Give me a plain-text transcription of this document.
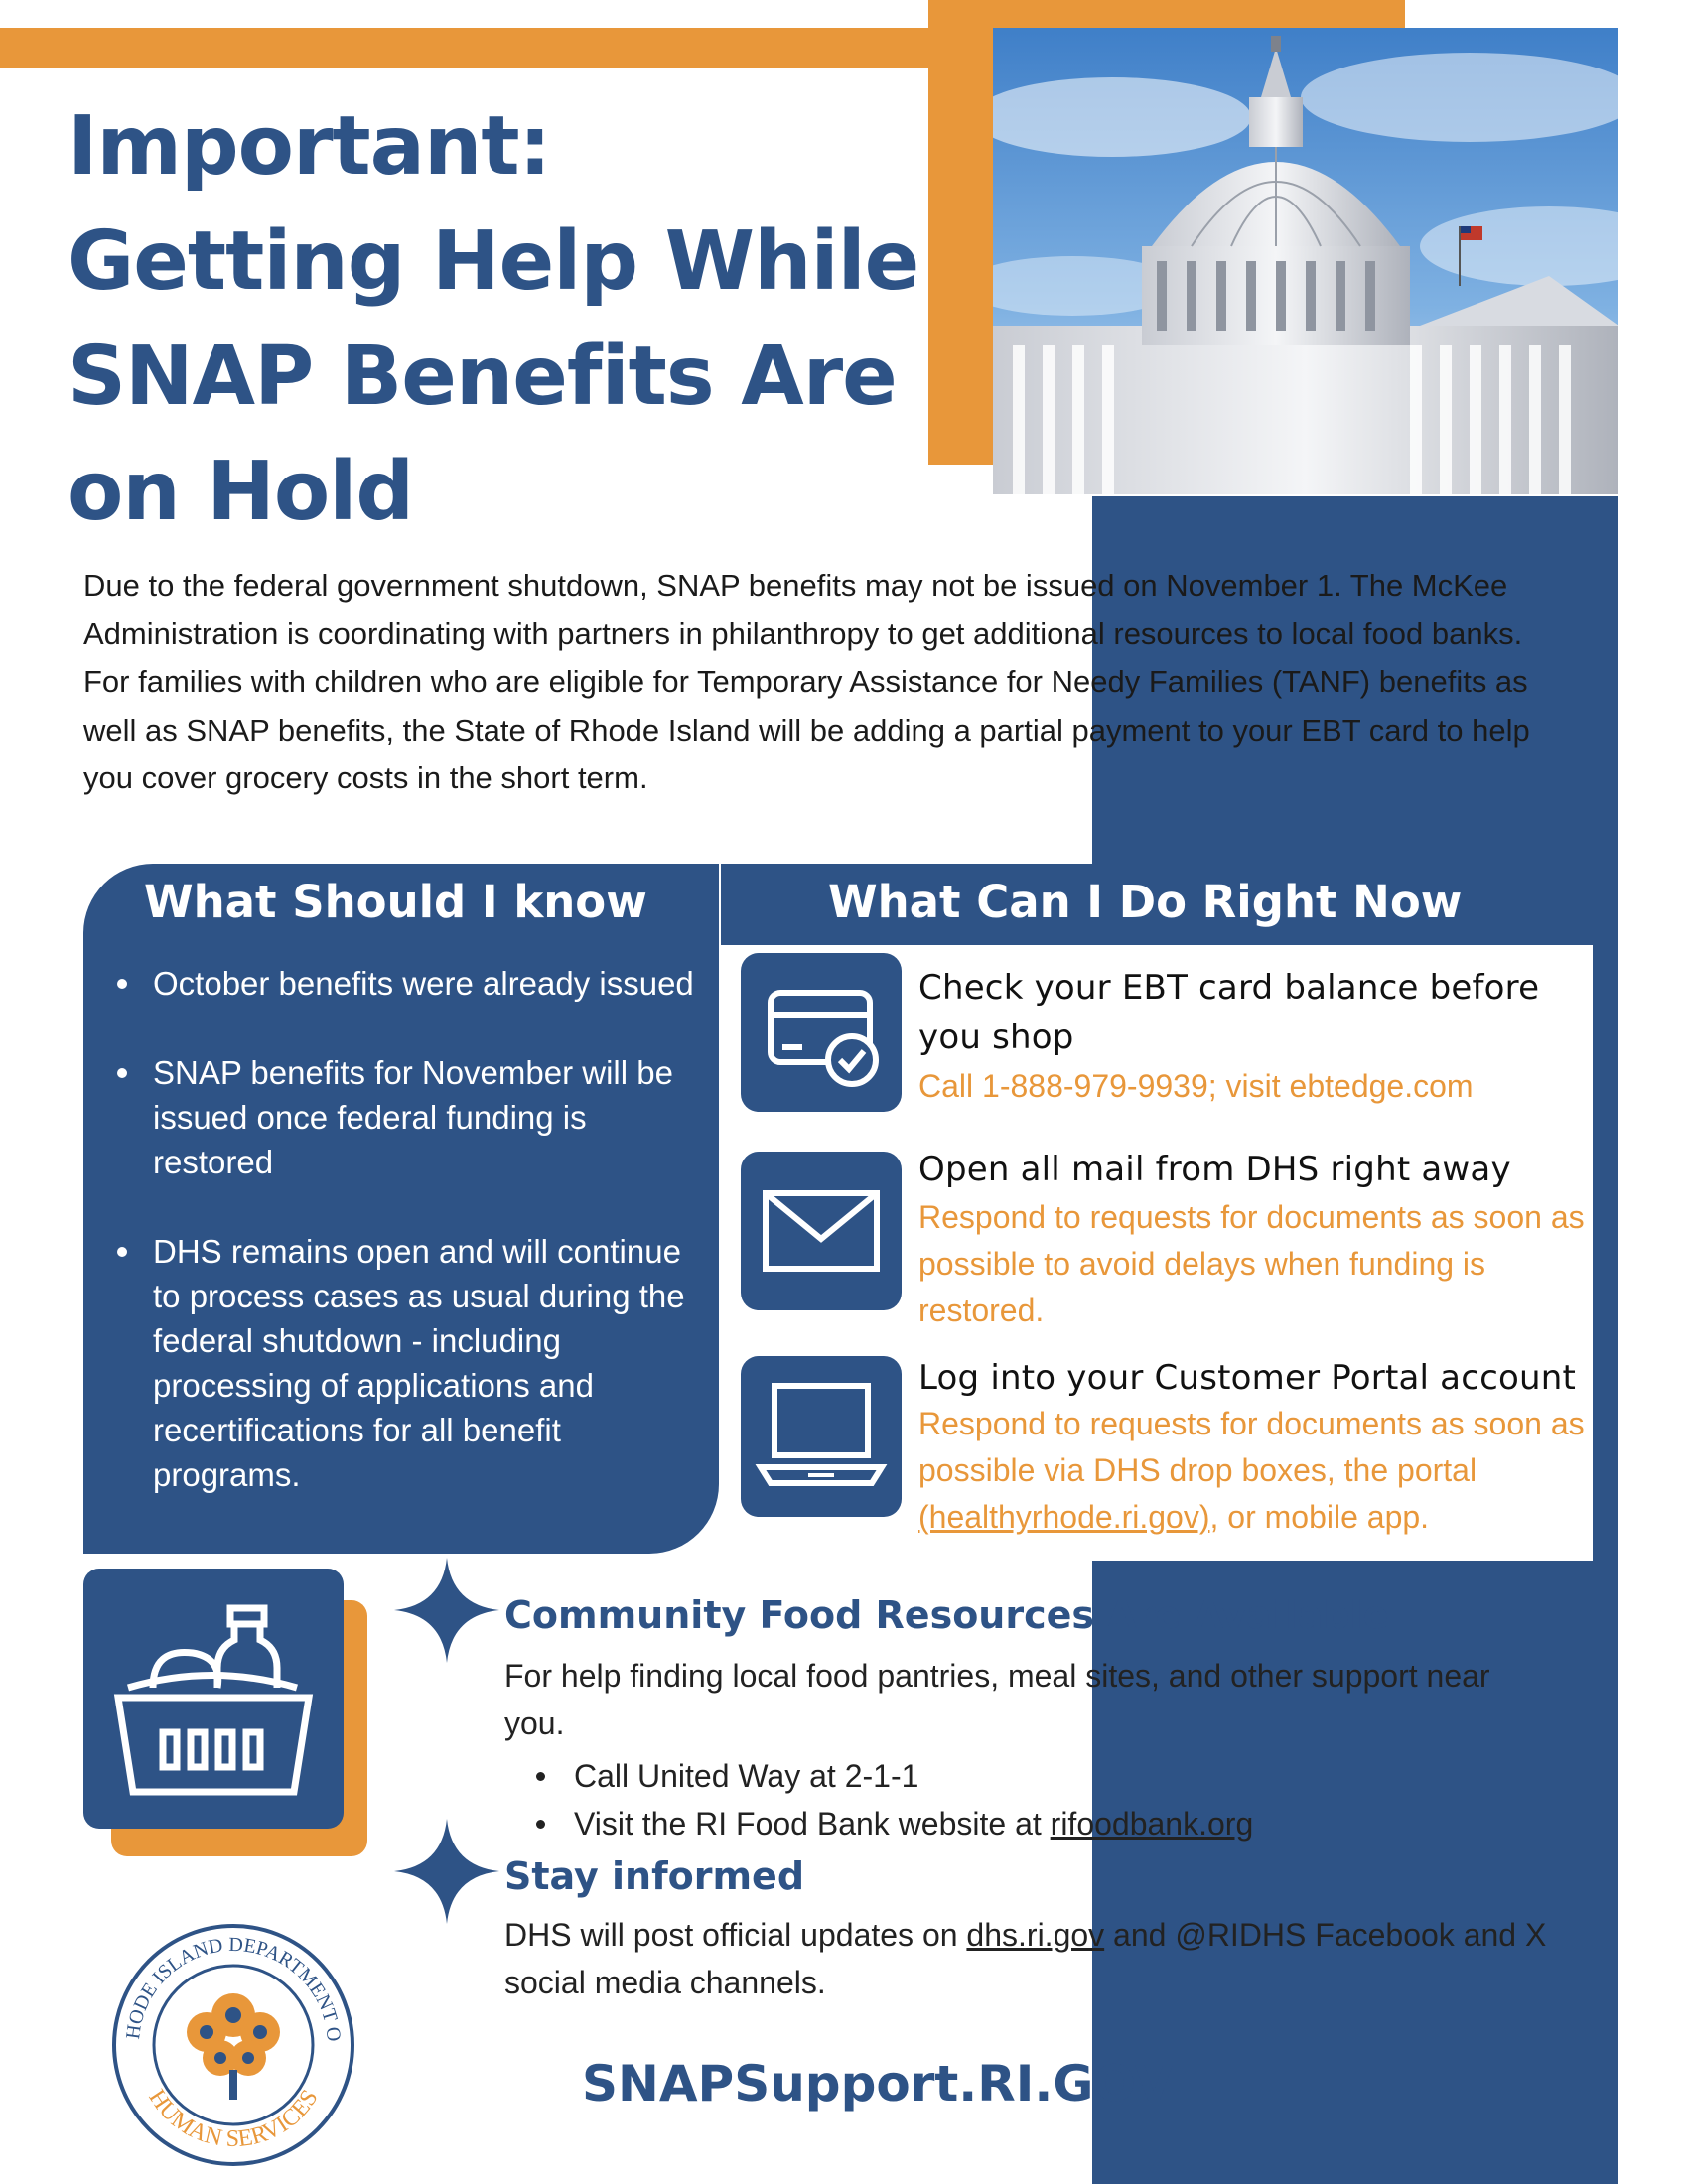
Important:
Getting Help While
SNAP Benefits Are
on Hold
Due to the federal government shutdown, SNAP benefits may not be issued on November 1. The McKee Administration is coordinating with partners in philanthropy to get additional resources to local food banks. For families with children who are eligible for Temporary Assistance for Needy Families (TANF) benefits as well as SNAP benefits, the State of Rhode Island will be adding a partial payment to your EBT card to help you cover grocery costs in the short term.
What Should I know
October benefits were already issued
SNAP benefits for November will be issued once federal funding is restored
DHS remains open and will continue to process cases as usual during the federal shutdown - including processing of applications and recertifications for all benefit programs.
What Can I Do Right Now
Check your EBT card balance before you shop
Call 1-888-979-9939; visit ebtedge.com
Open all mail from DHS right away
Respond to requests for documents as soon as possible to avoid delays when funding is restored.
Log into your Customer Portal account
Respond to requests for documents as soon as possible via DHS drop boxes, the portal (healthyrhode.ri.gov), or mobile app.
Community Food Resources Are Available
For help finding local food pantries, meal sites, and other support near you.
Call United Way at 2-1-1
Visit the RI Food Bank website at rifoodbank.org
Stay informed
DHS will post official updates on dhs.ri.gov and @RIDHS Facebook and X social media channels.
SNAPSupport.RI.GOV
HODE ISLAND DEPARTMENT O
HUMAN SERVICES
